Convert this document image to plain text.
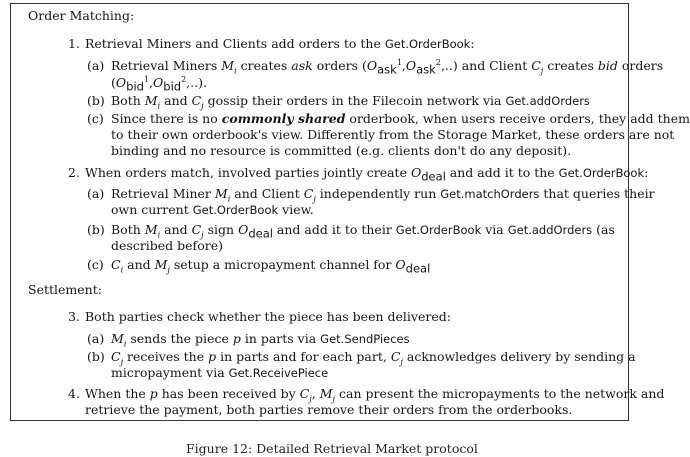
Order Matching:
1. Retrieval Miners and Clients add orders to the Get.OrderBook:
(a) Retrieval Miners $M_i$ creates ask orders $(O_{ask}^1,O_{ask}^2,..)$ and Client $C_j$ creates bid orders
$(O_{bid}^1,O_{bid}^2,..)$.
(b) Both $M_i$ and $C_j$ gossip their orders in the Filecoin network via Get.addOrders
(c) Since there is no commonly shared orderbook, when users receive orders, they add them
to their own orderbook's view. Differently from the Storage Market, these orders are not
binding and no resource is committed (e.g. clients don't do any deposit).
2. When orders match, involved parties jointly create $O_{deal}$ and add it to the Get.OrderBook:
(a) Retrieval Miner $M_i$ and Client $C_j$ independently run Get.matchOrders that queries their
own current Get.OrderBook view.
(b) Both $M_i$ and $C_j$ sign $O_{deal}$ and add it to their Get.OrderBook via Get.addOrders (as
described before)
(c) $C_i$ and $M_j$ setup a micropayment channel for $O_{deal}$
Settlement:
3. Both parties check whether the piece has been delivered:
(a) $M_i$ sends the piece p in parts via Get.SendPieces
(b) $C_j$ receives the p in parts and for each part, $C_j$ acknowledges delivery by sending a
micropayment via Get.ReceivePiece
4. When the p has been received by $C_j$, $M_j$ can present the micropayments to the network and
retrieve the payment, both parties remove their orders from the orderbooks.
Figure 12: Detailed Retrieval Market protocol
